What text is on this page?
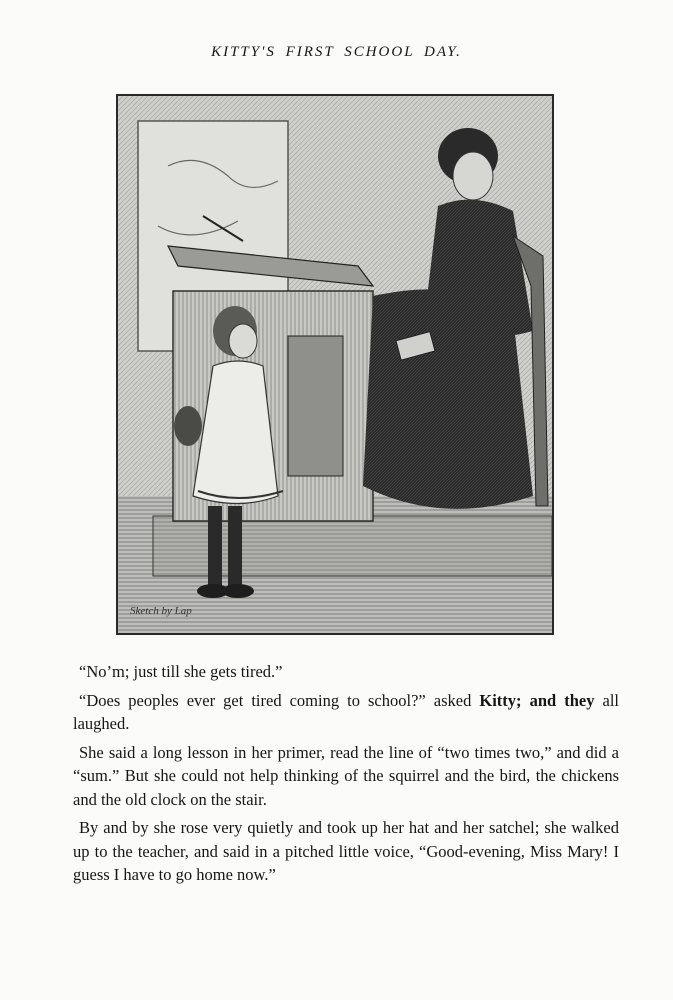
KITTY'S FIRST SCHOOL DAY.
Sketch by Lap

“No’m; just till she gets tired.”

“Does peoples ever get tired coming to school?” asked Kitty; and they all laughed.

She said a long lesson in her primer, read the line of “two times two,” and did a “sum.” But she could not help thinking of the squirrel and the bird, the chickens and the old clock on the stair.

By and by she rose very quietly and took up her hat and her satchel; she walked up to the teacher, and said in a pitched little voice, “Good-evening, Miss Mary! I guess I have to go home now.”
